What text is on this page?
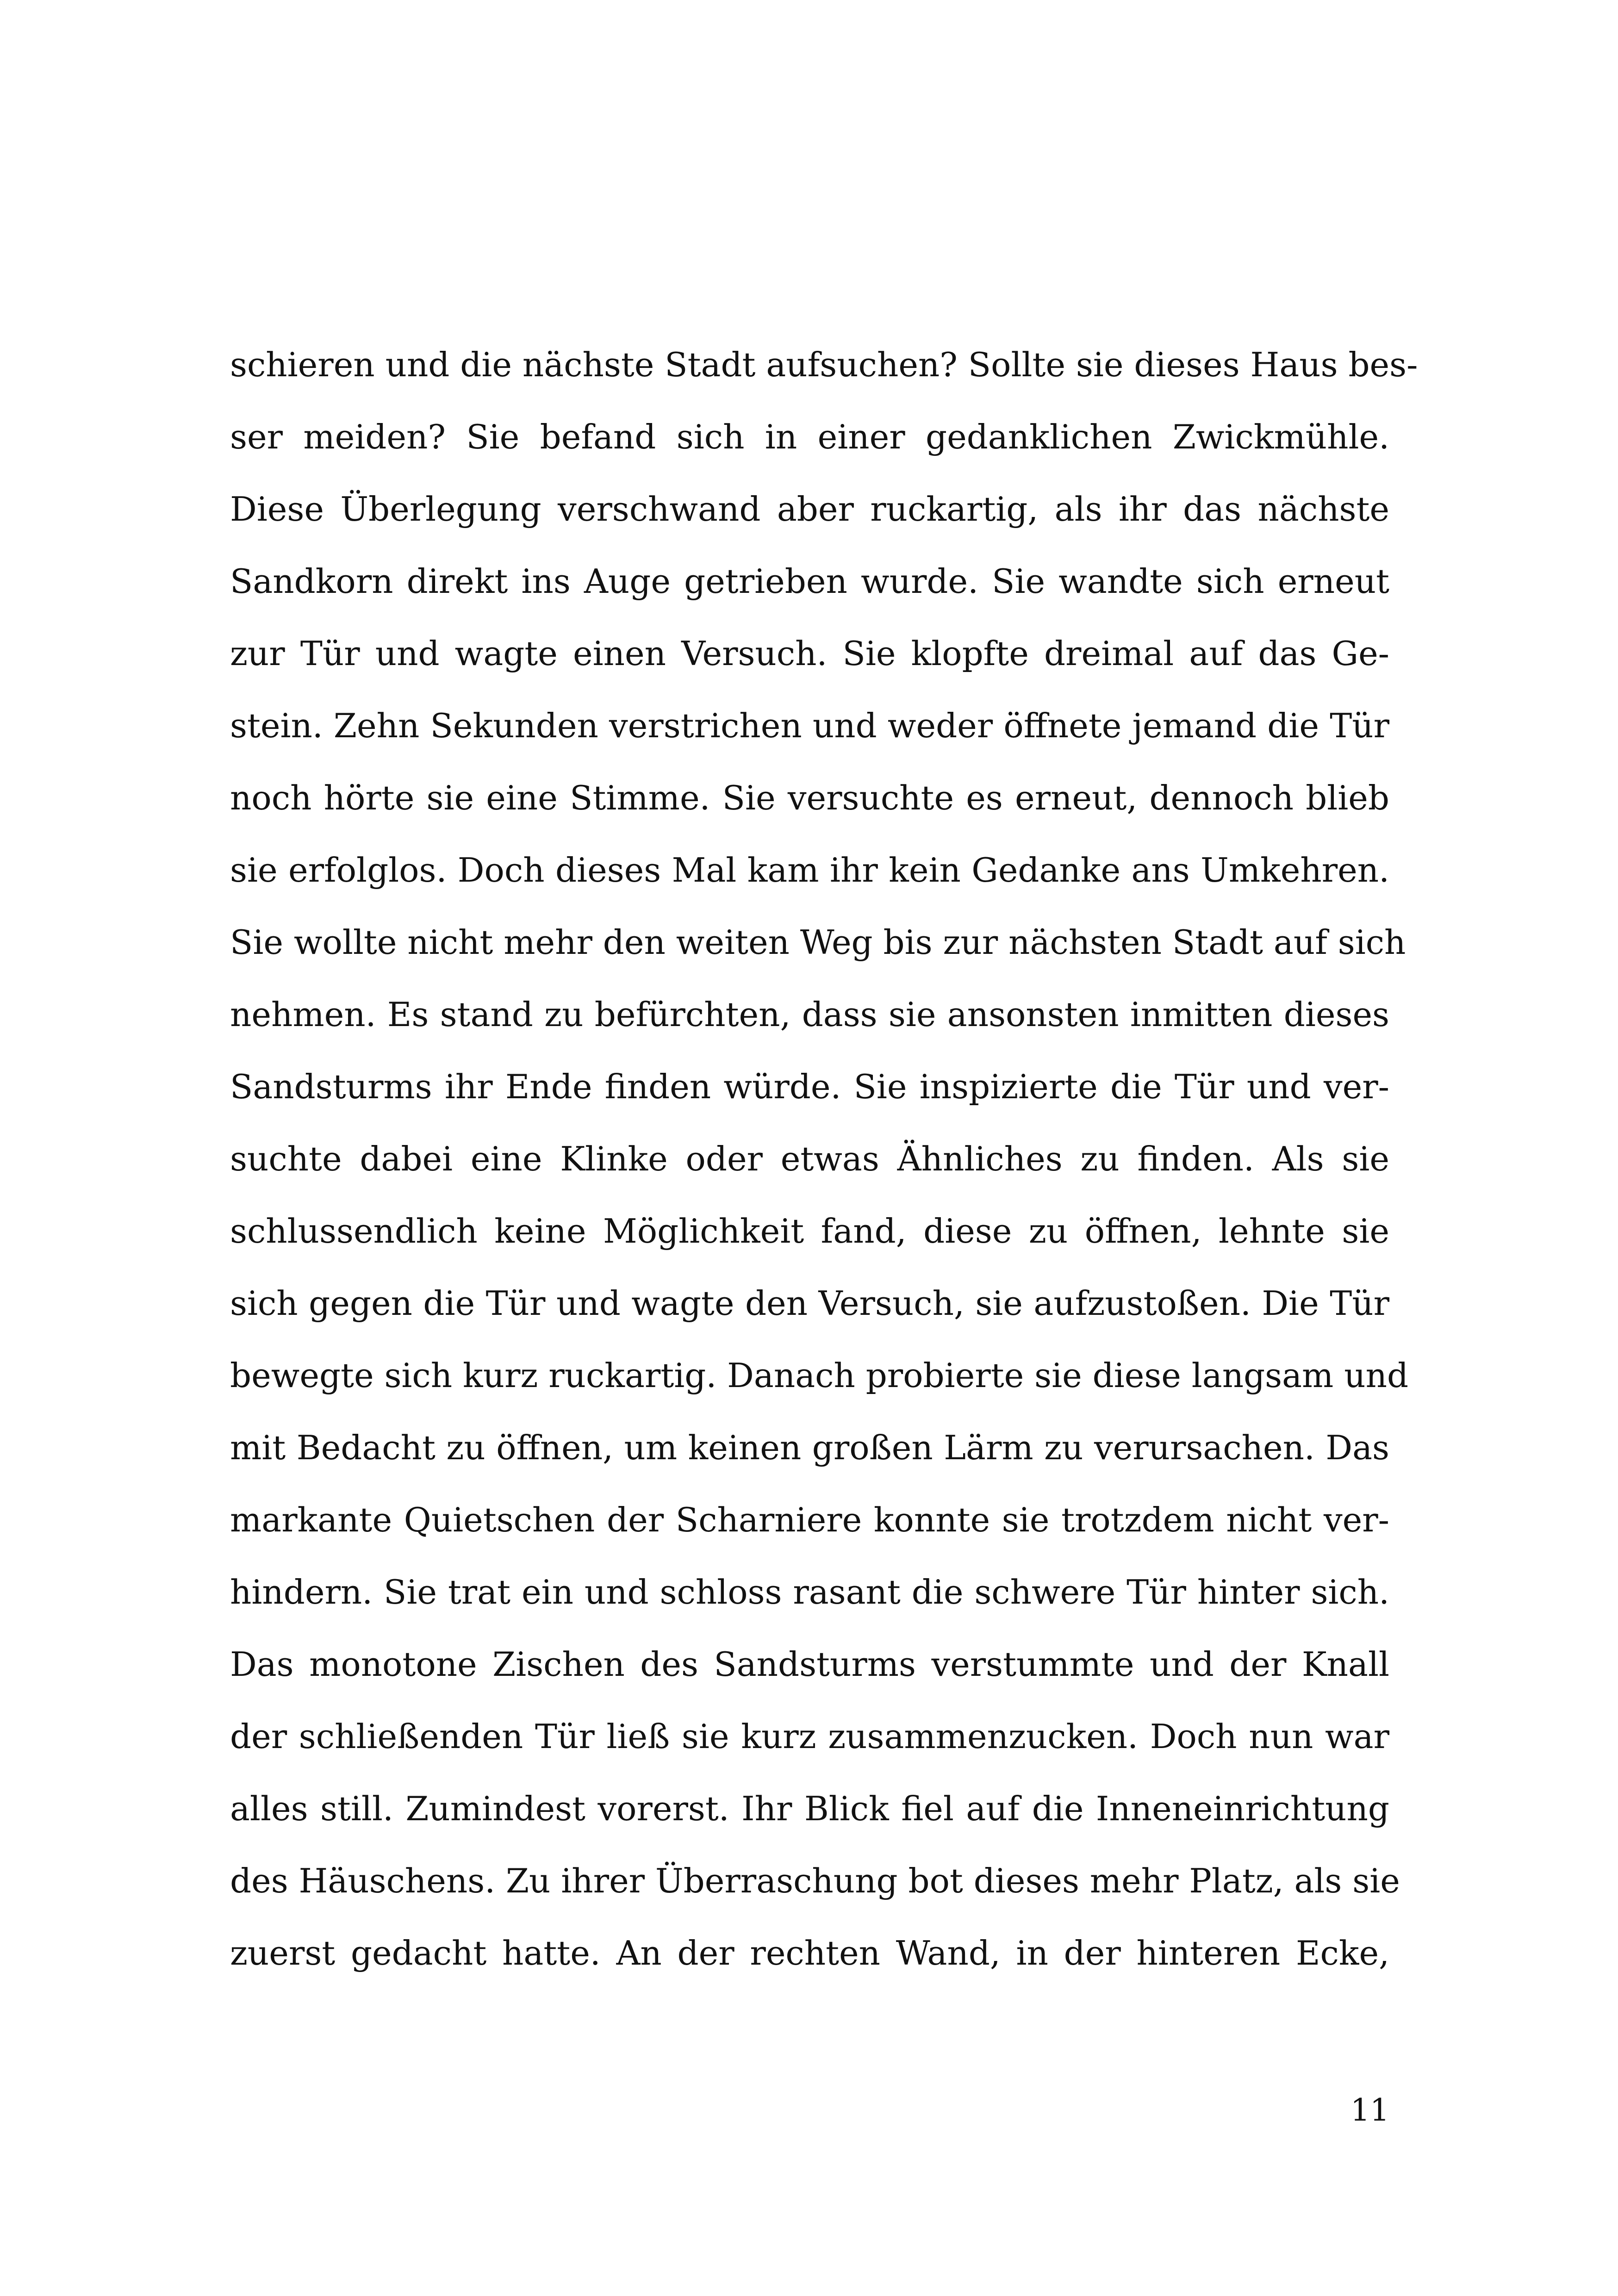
schieren und die nächste Stadt aufsuchen? Sollte sie dieses Haus bes-
ser meiden? Sie befand sich in einer gedanklichen Zwickmühle.
Diese Überlegung verschwand aber ruckartig, als ihr das nächste
Sandkorn direkt ins Auge getrieben wurde. Sie wandte sich erneut
zur Tür und wagte einen Versuch. Sie klopfte dreimal auf das Ge-
stein. Zehn Sekunden verstrichen und weder öffnete jemand die Tür
noch hörte sie eine Stimme. Sie versuchte es erneut, dennoch blieb
sie erfolglos. Doch dieses Mal kam ihr kein Gedanke ans Umkehren.
Sie wollte nicht mehr den weiten Weg bis zur nächsten Stadt auf sich
nehmen. Es stand zu befürchten, dass sie ansonsten inmitten dieses
Sandsturms ihr Ende finden würde. Sie inspizierte die Tür und ver-
suchte dabei eine Klinke oder etwas Ähnliches zu finden. Als sie
schlussendlich keine Möglichkeit fand, diese zu öffnen, lehnte sie
sich gegen die Tür und wagte den Versuch, sie aufzustoßen. Die Tür
bewegte sich kurz ruckartig. Danach probierte sie diese langsam und
mit Bedacht zu öffnen, um keinen großen Lärm zu verursachen. Das
markante Quietschen der Scharniere konnte sie trotzdem nicht ver-
hindern. Sie trat ein und schloss rasant die schwere Tür hinter sich.
Das monotone Zischen des Sandsturms verstummte und der Knall
der schließenden Tür ließ sie kurz zusammenzucken. Doch nun war
alles still. Zumindest vorerst. Ihr Blick fiel auf die Inneneinrichtung
des Häuschens. Zu ihrer Überraschung bot dieses mehr Platz, als sie
zuerst gedacht hatte. An der rechten Wand, in der hinteren Ecke,
11
